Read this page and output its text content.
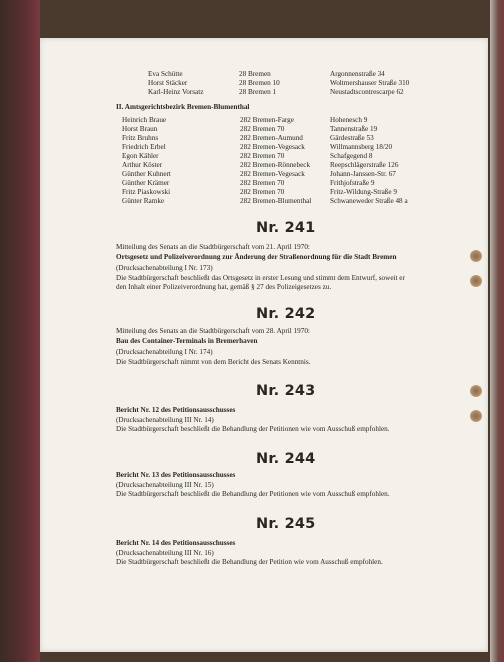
Eva Schütte	28 Bremen	Argonnenstraße 34
Horst Stäcker	28 Bremen 10	Woltmershauser Straße 310
Karl-Heinz Vorsatz	28 Bremen 1	Neustadtscontrescarpe 62
II. Amtsgerichtsbezirk Bremen-Blumenthal
Heinrich Braue	282 Bremen-Farge	Hohenesch 9
Horst Braun	282 Bremen 70	Tannenstraße 19
Fritz Bruhns	282 Bremen-Aumund	Gärdestraße 53
Friedrich Erbel	282 Bremen-Vegesack	Willmannsberg 18/20
Egon Kähler	282 Bremen 70	Schafgegend 8
Arthur Köster	282 Bremen-Rönnebeck	Reepschlägerstraße 126
Günther Kuhnert	282 Bremen-Vegesack	Johann-Janssen-Str. 67
Günther Krämer	282 Bremen 70	Frithjofstraße 9
Fritz Piaskowski	282 Bremen 70	Fritz-Wildung-Straße 9
Günter Ramke	282 Bremen-Blumenthal	Schwaneweder Straße 48 a
Nr. 241
Mitteilung des Senats an die Stadtbürgerschaft vom 21. April 1970:
Ortsgesetz und Polizeiverordnung zur Änderung der Straßenordnung für die Stadt Bremen
(Drucksachenabteilung I Nr. 173)
Die Stadtbürgerschaft beschließt das Ortsgesetz in erster Lesung und stimmt dem Entwurf, soweit er
den Inhalt einer Polizeiverordnung hat, gemäß § 27 des Polizeigesetzes zu.
Nr. 242
Mitteilung des Senats an die Stadtbürgerschaft vom 28. April 1970:
Bau des Container-Terminals in Bremerhaven
(Drucksachenabteilung I Nr. 174)
Die Stadtbürgerschaft nimmt von dem Bericht des Senats Kenntnis.
Nr. 243
Bericht Nr. 12 des Petitionsausschusses
(Drucksachenabteilung III Nr. 14)
Die Stadtbürgerschaft beschließt die Behandlung der Petitionen wie vom Ausschuß empfohlen.
Nr. 244
Bericht Nr. 13 des Petitionsausschusses
(Drucksachenabteilung III Nr. 15)
Die Stadtbürgerschaft beschließt die Behandlung der Petitionen wie vom Ausschuß empfohlen.
Nr. 245
Bericht Nr. 14 des Petitionsausschusses
(Drucksachenabteilung III Nr. 16)
Die Stadtbürgerschaft beschließt die Behandlung der Petition wie vom Ausschuß empfohlen.
